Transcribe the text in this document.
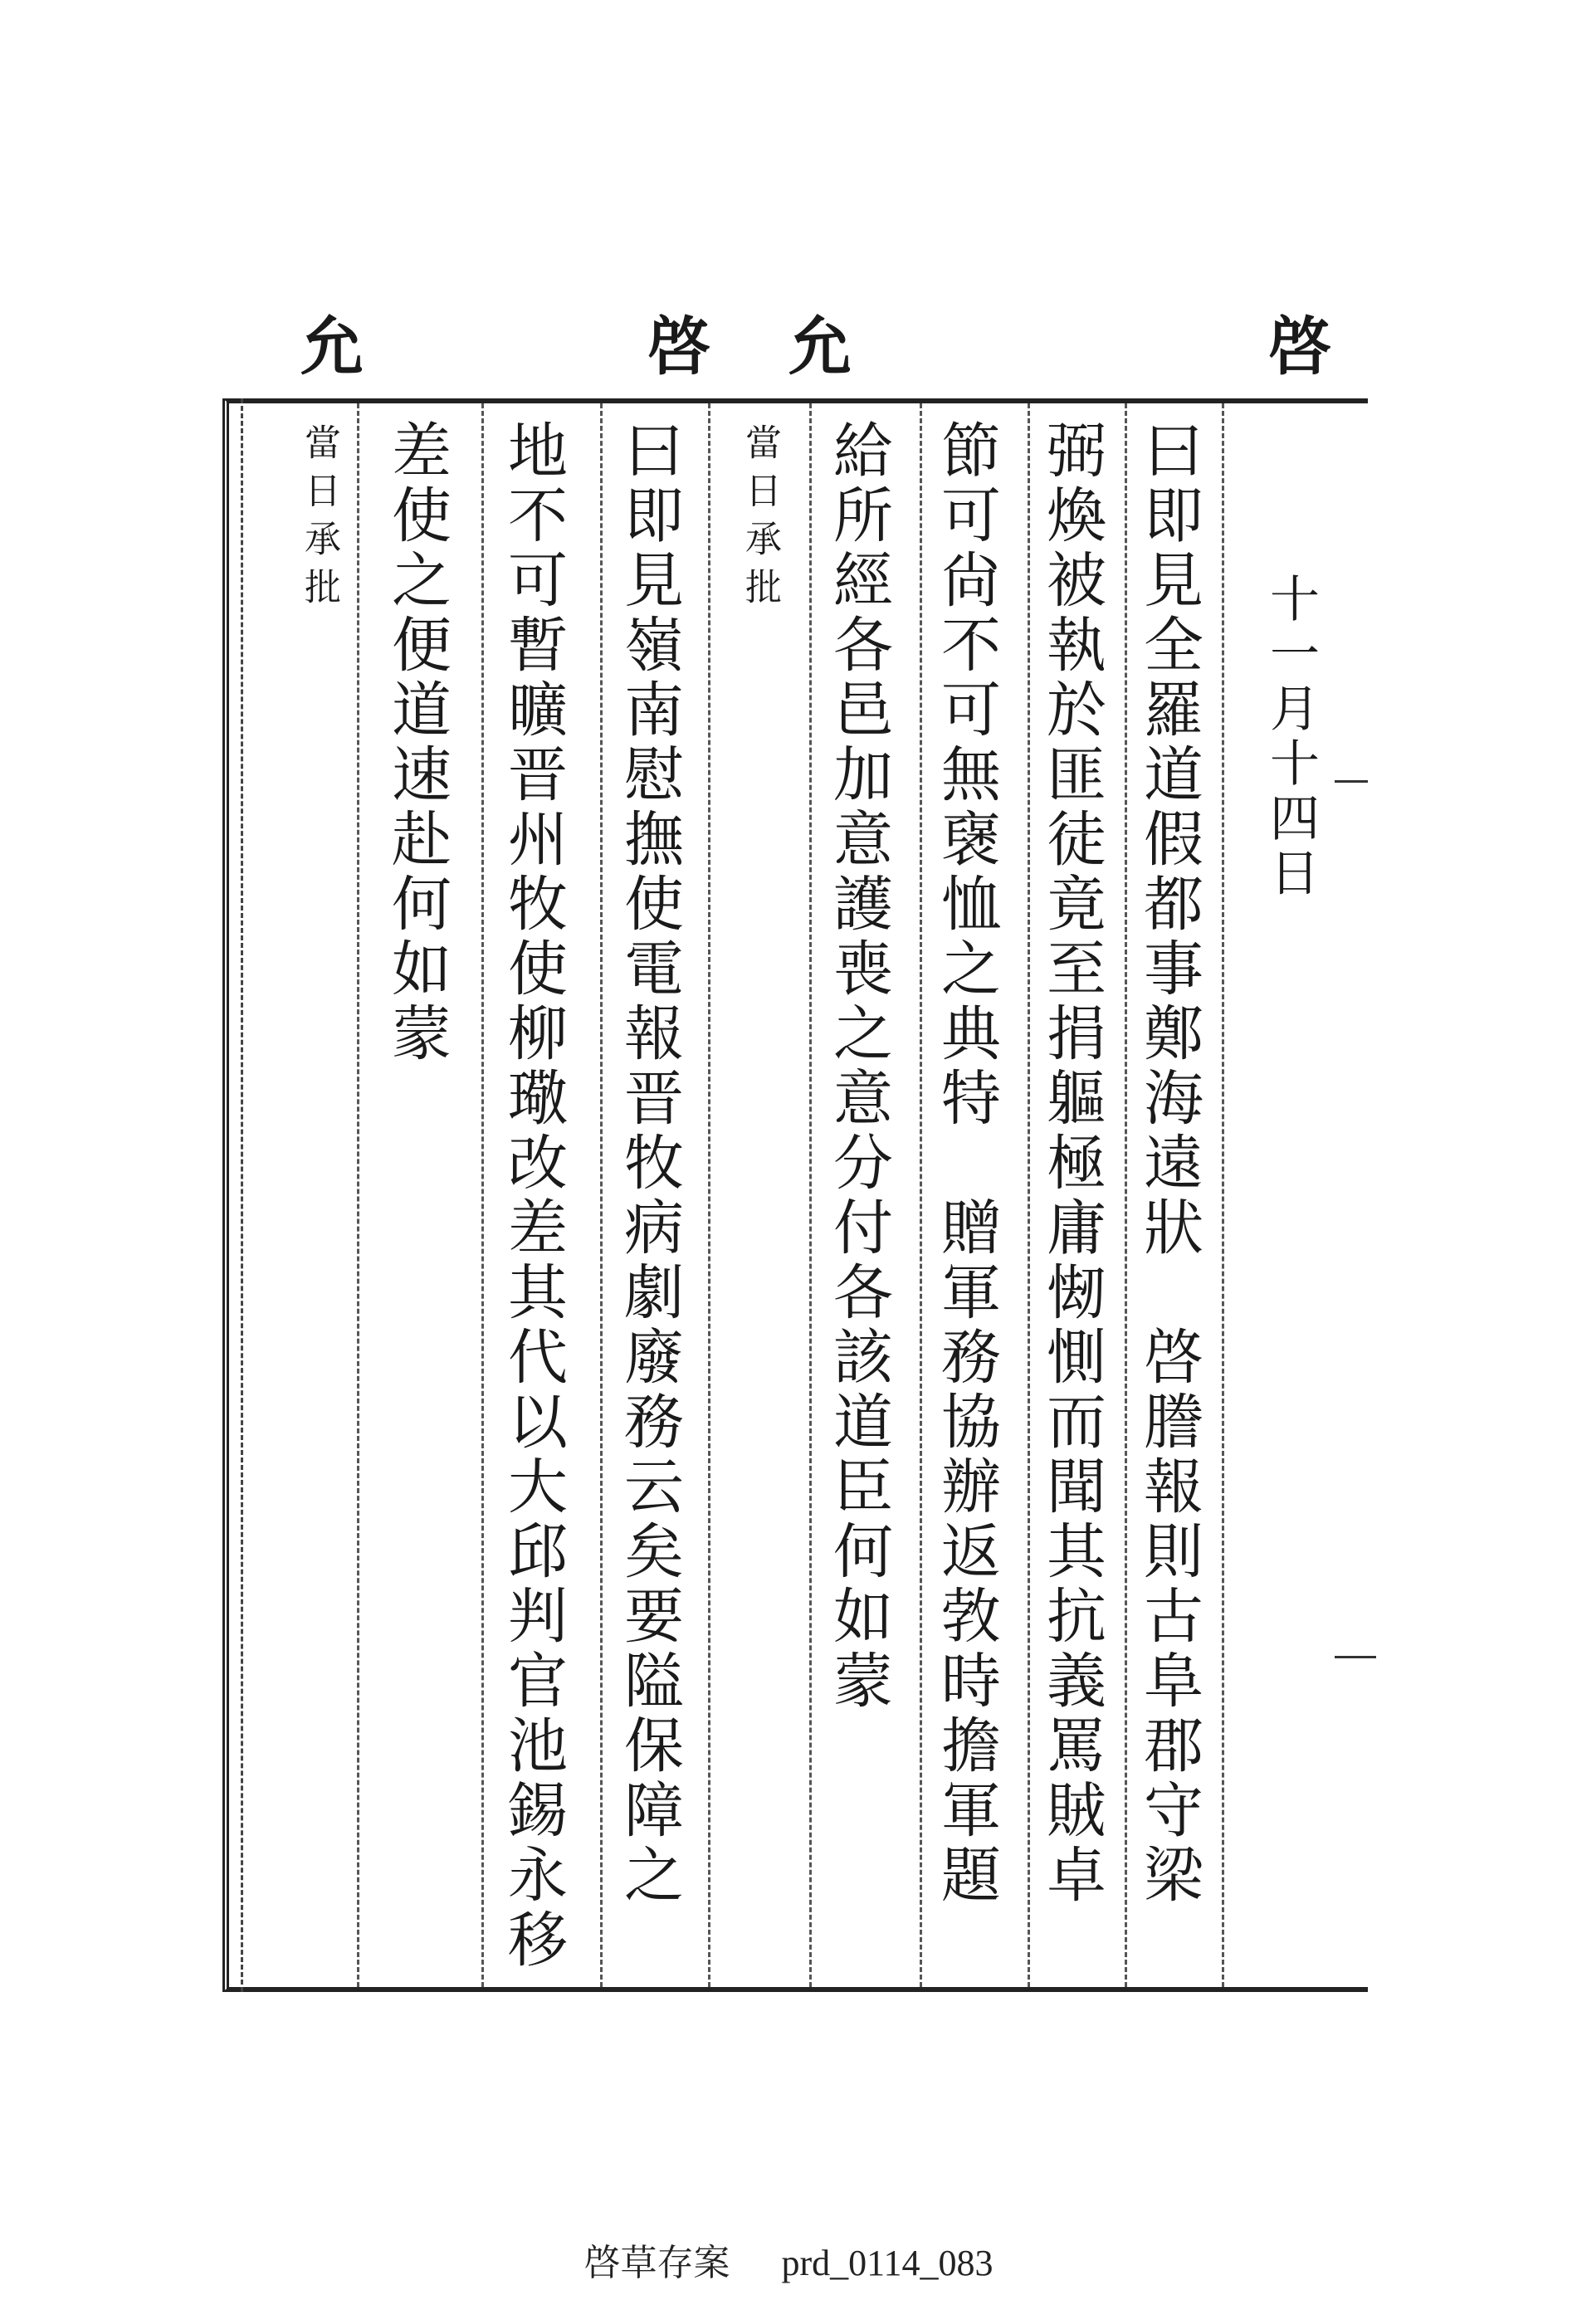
啓
允
啓
允
十一月十四日
曰即見全羅道假都事鄭海遠狀　啓謄報則古阜郡守梁
弼煥被執於匪徒竟至捐軀極庸㥘惻而聞其抗義罵賊卓
節可尙不可無襃恤之典特　贈軍務協辦返㪍時擔軍題
給所經各邑加意護喪之意分付各該道臣何如蒙
當日承批
曰即見嶺南慰撫使電報晋牧病劇廢務云矣要隘保障之
地不可暫曠晋州牧使柳璥改差其代以大邱判官池錫永移
差使之便道速赴何如蒙
當日承批
啓草存案 prd_0114_083
